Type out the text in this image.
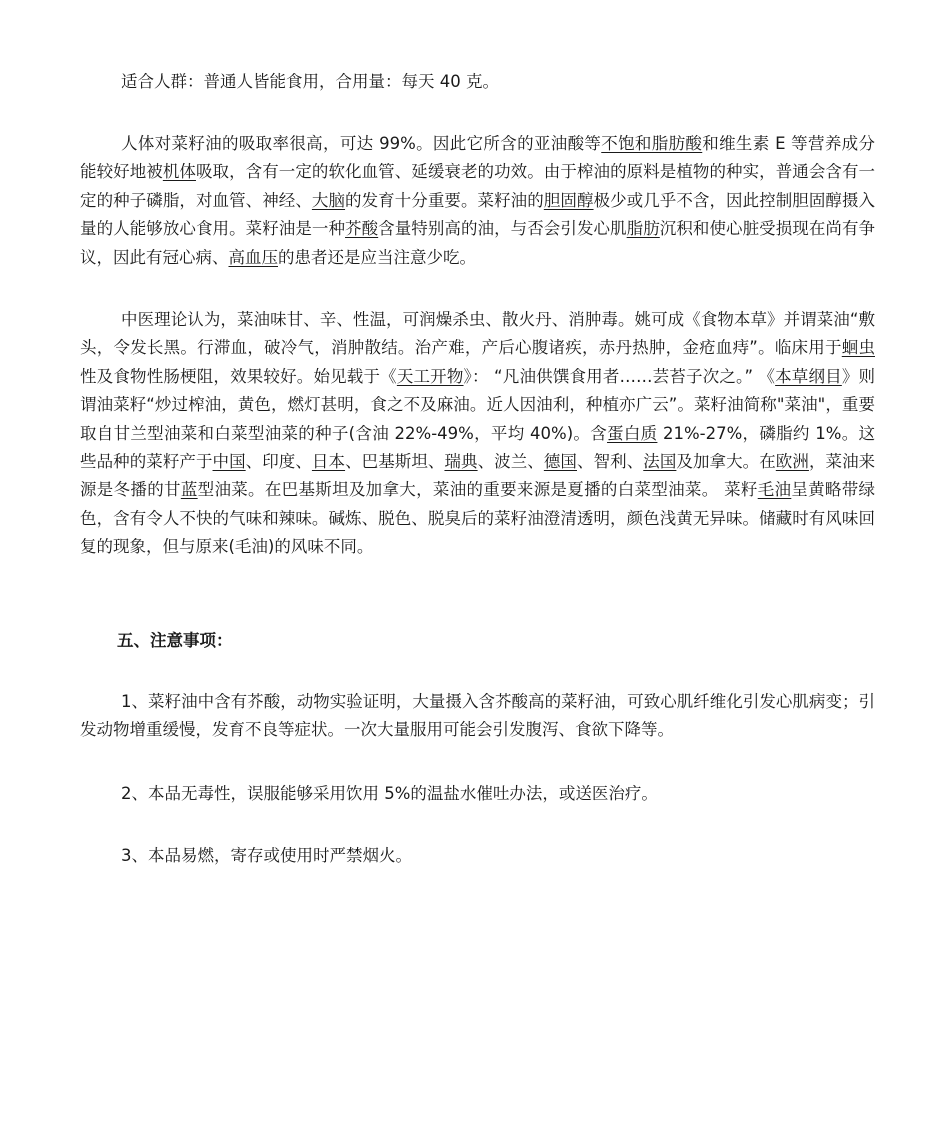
适合人群：普通人皆能食用，合用量：每天 40 克。

人体对菜籽油的吸取率很高，可达 99%。因此它所含的亚油酸等不饱和脂肪酸和维生素 E 等营养成分能较好地被机体吸取，含有一定的软化血管、延缓衰老的功效。由于榨油的原料是植物的种实，普通会含有一定的种子磷脂，对血管、神经、大脑的发育十分重要。菜籽油的胆固醇极少或几乎不含，因此控制胆固醇摄入量的人能够放心食用。菜籽油是一种芥酸含量特别高的油，与否会引发心肌脂肪沉积和使心脏受损现在尚有争议，因此有冠心病、高血压的患者还是应当注意少吃。

中医理论认为，菜油味甘、辛、性温，可润燥杀虫、散火丹、消肿毒。姚可成《食物本草》并谓菜油“敷头，令发长黑。行滞血，破冷气，消肿散结。治产难，产后心腹诸疾，赤丹热肿，金疮血痔”。临床用于蛔虫性及食物性肠梗阻，效果较好。始见载于《天工开物》： “凡油供馔食用者……芸苔子次之。” 《本草纲目》则谓油菜籽“炒过榨油，黄色，燃灯甚明，食之不及麻油。近人因油利，种植亦广云”。菜籽油简称"菜油"，重要取自甘兰型油菜和白菜型油菜的种子(含油 22%-49%，平均 40%)。含蛋白质 21%-27%，磷脂约 1%。这些品种的菜籽产于中国、印度、日本、巴基斯坦、瑞典、波兰、德国、智利、法国及加拿大。在欧洲，菜油来源是冬播的甘蓝型油菜。在巴基斯坦及加拿大，菜油的重要来源是夏播的白菜型油菜。 菜籽毛油呈黄略带绿色，含有令人不快的气味和辣味。碱炼、脱色、脱臭后的菜籽油澄清透明，颜色浅黄无异味。储藏时有风味回复的现象，但与原来(毛油)的风味不同。

五、注意事项：

1、菜籽油中含有芥酸，动物实验证明，大量摄入含芥酸高的菜籽油，可致心肌纤维化引发心肌病变；引发动物增重缓慢，发育不良等症状。一次大量服用可能会引发腹泻、食欲下降等。

2、本品无毒性，误服能够采用饮用 5%的温盐水催吐办法，或送医治疗。

3、本品易燃，寄存或使用时严禁烟火。
